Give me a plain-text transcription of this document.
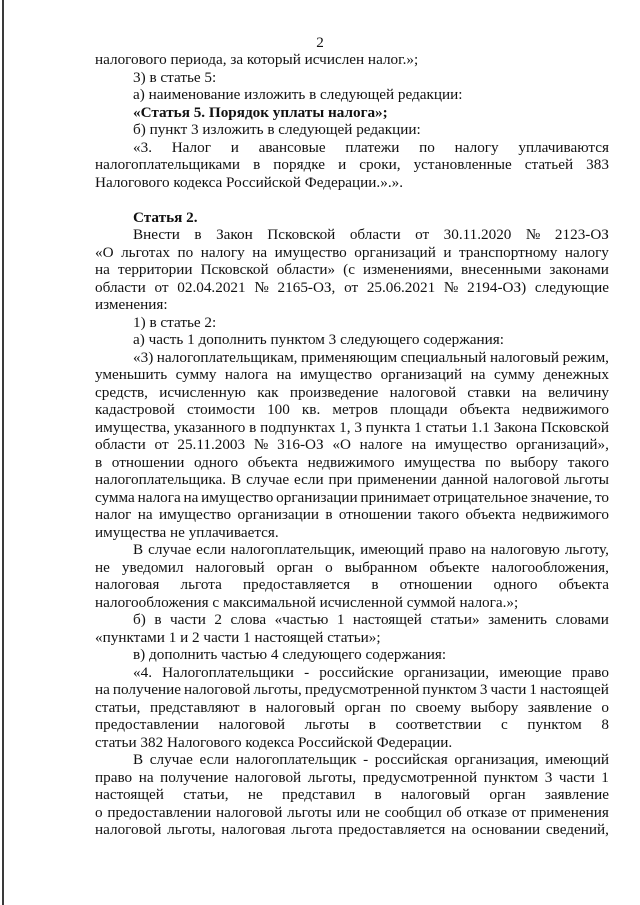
2
налогового периода, за который исчислен налог.»;
3) в статье 5:
а) наименование изложить в следующей редакции:
«Статья 5. Порядок уплаты налога»;
б) пункт 3 изложить в следующей редакции:
«3. Налог и авансовые платежи по налогу уплачиваются
налогоплательщиками в порядке и сроки, установленные статьей 383
Налогового кодекса Российской Федерации.».».
Статья 2.
Внести в Закон Псковской области от 30.11.2020 № 2123-ОЗ
«О льготах по налогу на имущество организаций и транспортному налогу
на территории Псковской области» (с изменениями, внесенными законами
области от 02.04.2021 № 2165-ОЗ, от 25.06.2021 № 2194-ОЗ) следующие
изменения:
1) в статье 2:
а) часть 1 дополнить пунктом 3 следующего содержания:
«3) налогоплательщикам, применяющим специальный налоговый режим,
уменьшить сумму налога на имущество организаций на сумму денежных
средств, исчисленную как произведение налоговой ставки на величину
кадастровой стоимости 100 кв. метров площади объекта недвижимого
имущества, указанного в подпунктах 1, 3 пункта 1 статьи 1.1 Закона Псковской
области от 25.11.2003 № 316-ОЗ «О налоге на имущество организаций»,
в отношении одного объекта недвижимого имущества по выбору такого
налогоплательщика. В случае если при применении данной налоговой льготы
сумма налога на имущество организации принимает отрицательное значение, то
налог на имущество организации в отношении такого объекта недвижимого
имущества не уплачивается.
В случае если налогоплательщик, имеющий право на налоговую льготу,
не уведомил налоговый орган о выбранном объекте налогообложения,
налоговая льгота предоставляется в отношении одного объекта
налогообложения с максимальной исчисленной суммой налога.»;
б) в части 2 слова «частью 1 настоящей статьи» заменить словами
«пунктами 1 и 2 части 1 настоящей статьи»;
в) дополнить частью 4 следующего содержания:
«4. Налогоплательщики - российские организации, имеющие право
на получение налоговой льготы, предусмотренной пунктом 3 части 1 настоящей
статьи, представляют в налоговый орган по своему выбору заявление о
предоставлении налоговой льготы в соответствии с пунктом 8
статьи 382 Налогового кодекса Российской Федерации.
В случае если налогоплательщик - российская организация, имеющий
право на получение налоговой льготы, предусмотренной пунктом 3 части 1
настоящей статьи, не представил в налоговый орган заявление
о предоставлении налоговой льготы или не сообщил об отказе от применения
налоговой льготы, налоговая льгота предоставляется на основании сведений,
